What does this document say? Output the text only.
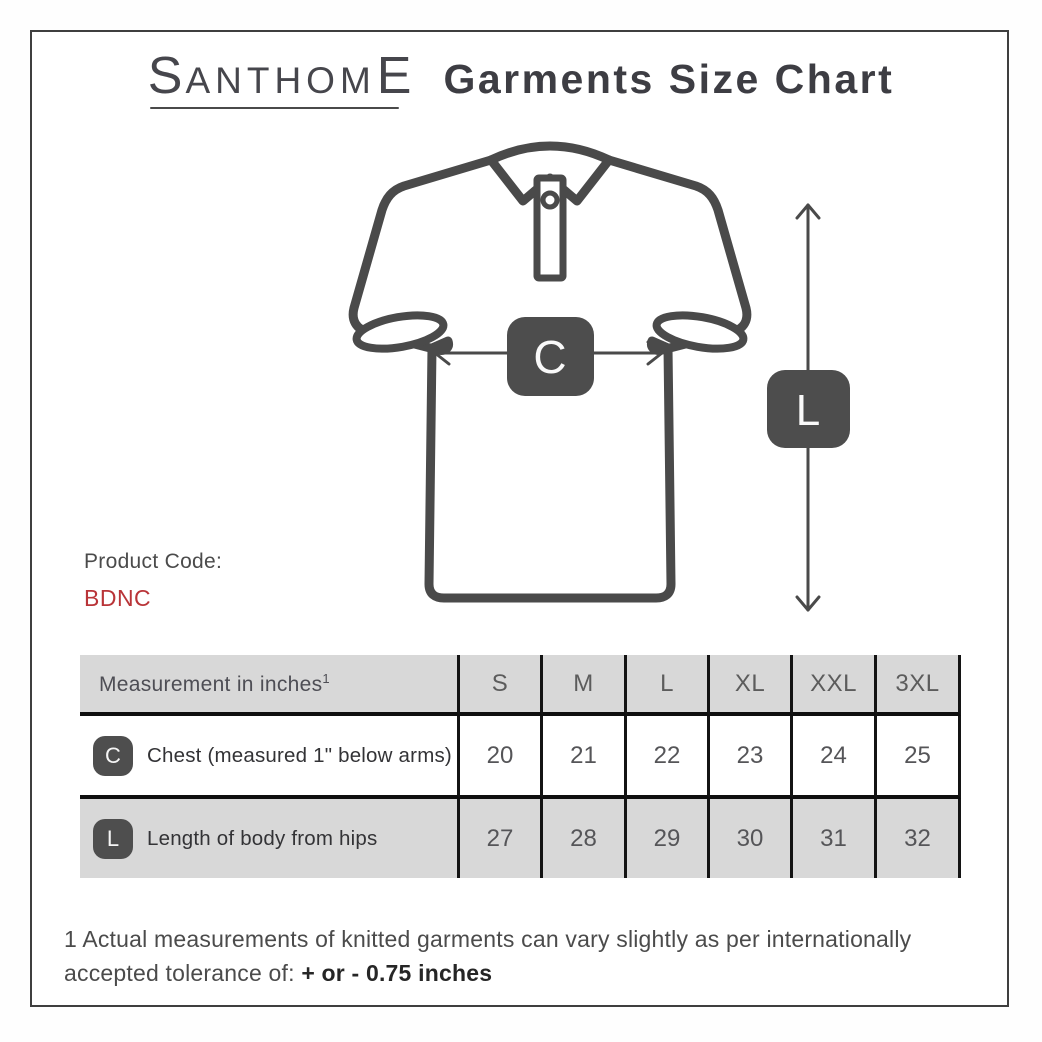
S ANTHOM E Garments Size Chart
C
L
Product Code:
BDNC
Measurement in inches$^1$	S	M	L	XL	XXL	3XL
C	Chest (measured 1" below arms)	20	21	22	23	24	25
L	Length of body from hips	27	28	29	30	31	32
1 Actual measurements of knitted garments can vary slightly as per internationally
accepted tolerance of: + or - 0.75 inches
